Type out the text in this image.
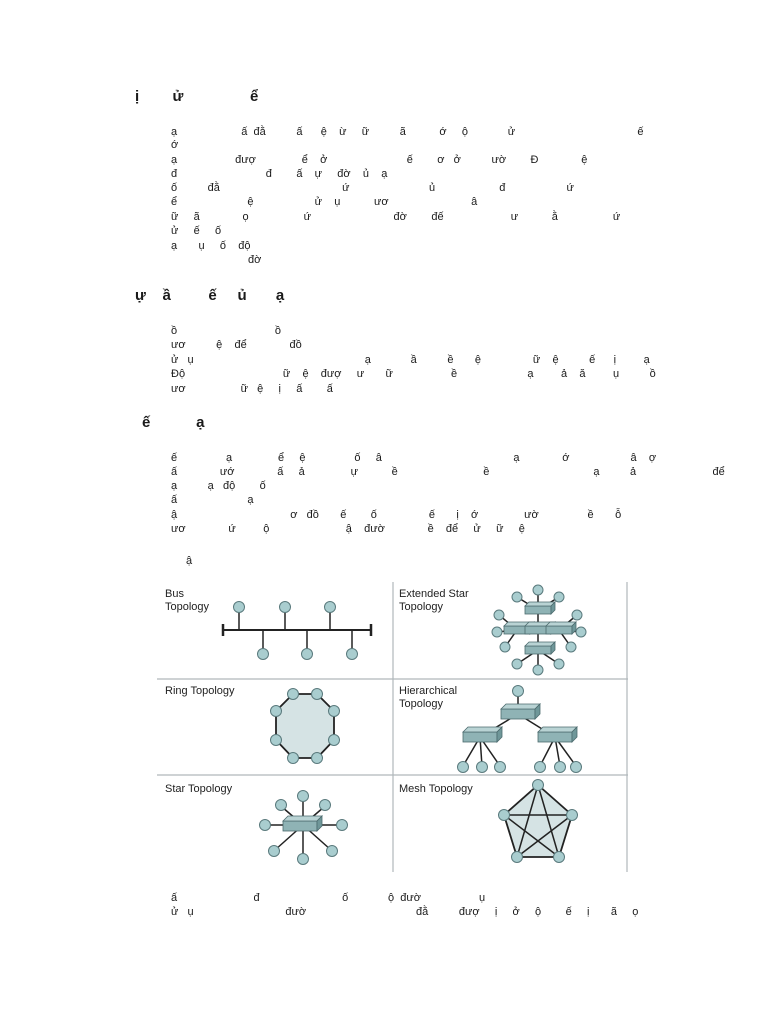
ị        ử                ể
ạ                     ấ  đằ          ấ      ệ    ừ     ữ          ã           ớ     ộ             ử                                        ế
ớ
ạ                   đượ               ể    ở                          ế        ơ   ở          ườ        Đ              ệ
đ                             đ        ấ    ự     đờ    ủ    ạ
ố          đằ                                        ứ                          ủ                     đ                    ứ
ể                       ệ                    ử    ụ           ươ                           â
ữ     ã              ọ                  ứ                           đờ        đế                      ư           ằ                  ứ
ử     ế     ố
ạ       ụ     ố    độ
đờ
ự    ầ         ế     ủ       ạ
ồ                                ồ
ươ          ệ    để              đồ
ử   ụ                                                        ạ             ầ          ề       ệ                 ữ    ệ          ế      ị         ạ
Độ                                ữ    ệ    đượ     ư       ữ                   ề                       ạ         ả    ă         ụ          ồ
ươ                  ữ   ệ     ị     ấ        ấ
ế           ạ
ế                ạ               ể     ệ                ố     â                                           ạ              ớ                    â    ợ
ấ              ướ              ấ     ả               ự           ề                            ề                                  ạ          ả                         để
ạ          ạ   độ        ố
ấ                       ạ
ậ                                     ơ   đồ       ế        ố                 ế       ị    ớ               ườ                ề       ỗ
ươ              ứ         ộ                         ậ    đườ              ề    để     ử     ữ     ệ
ậ
Bus
Topology
Extended Star
Topology
Ring Topology	Hierarchical
Topology
Star Topology	Mesh Topology
ấ                         đ                           ố             ộ  đườ                   ụ
ử   ụ                              đườ                                    đằ          đượ     ị     ở     ộ        ế     ị       ã     ọ
